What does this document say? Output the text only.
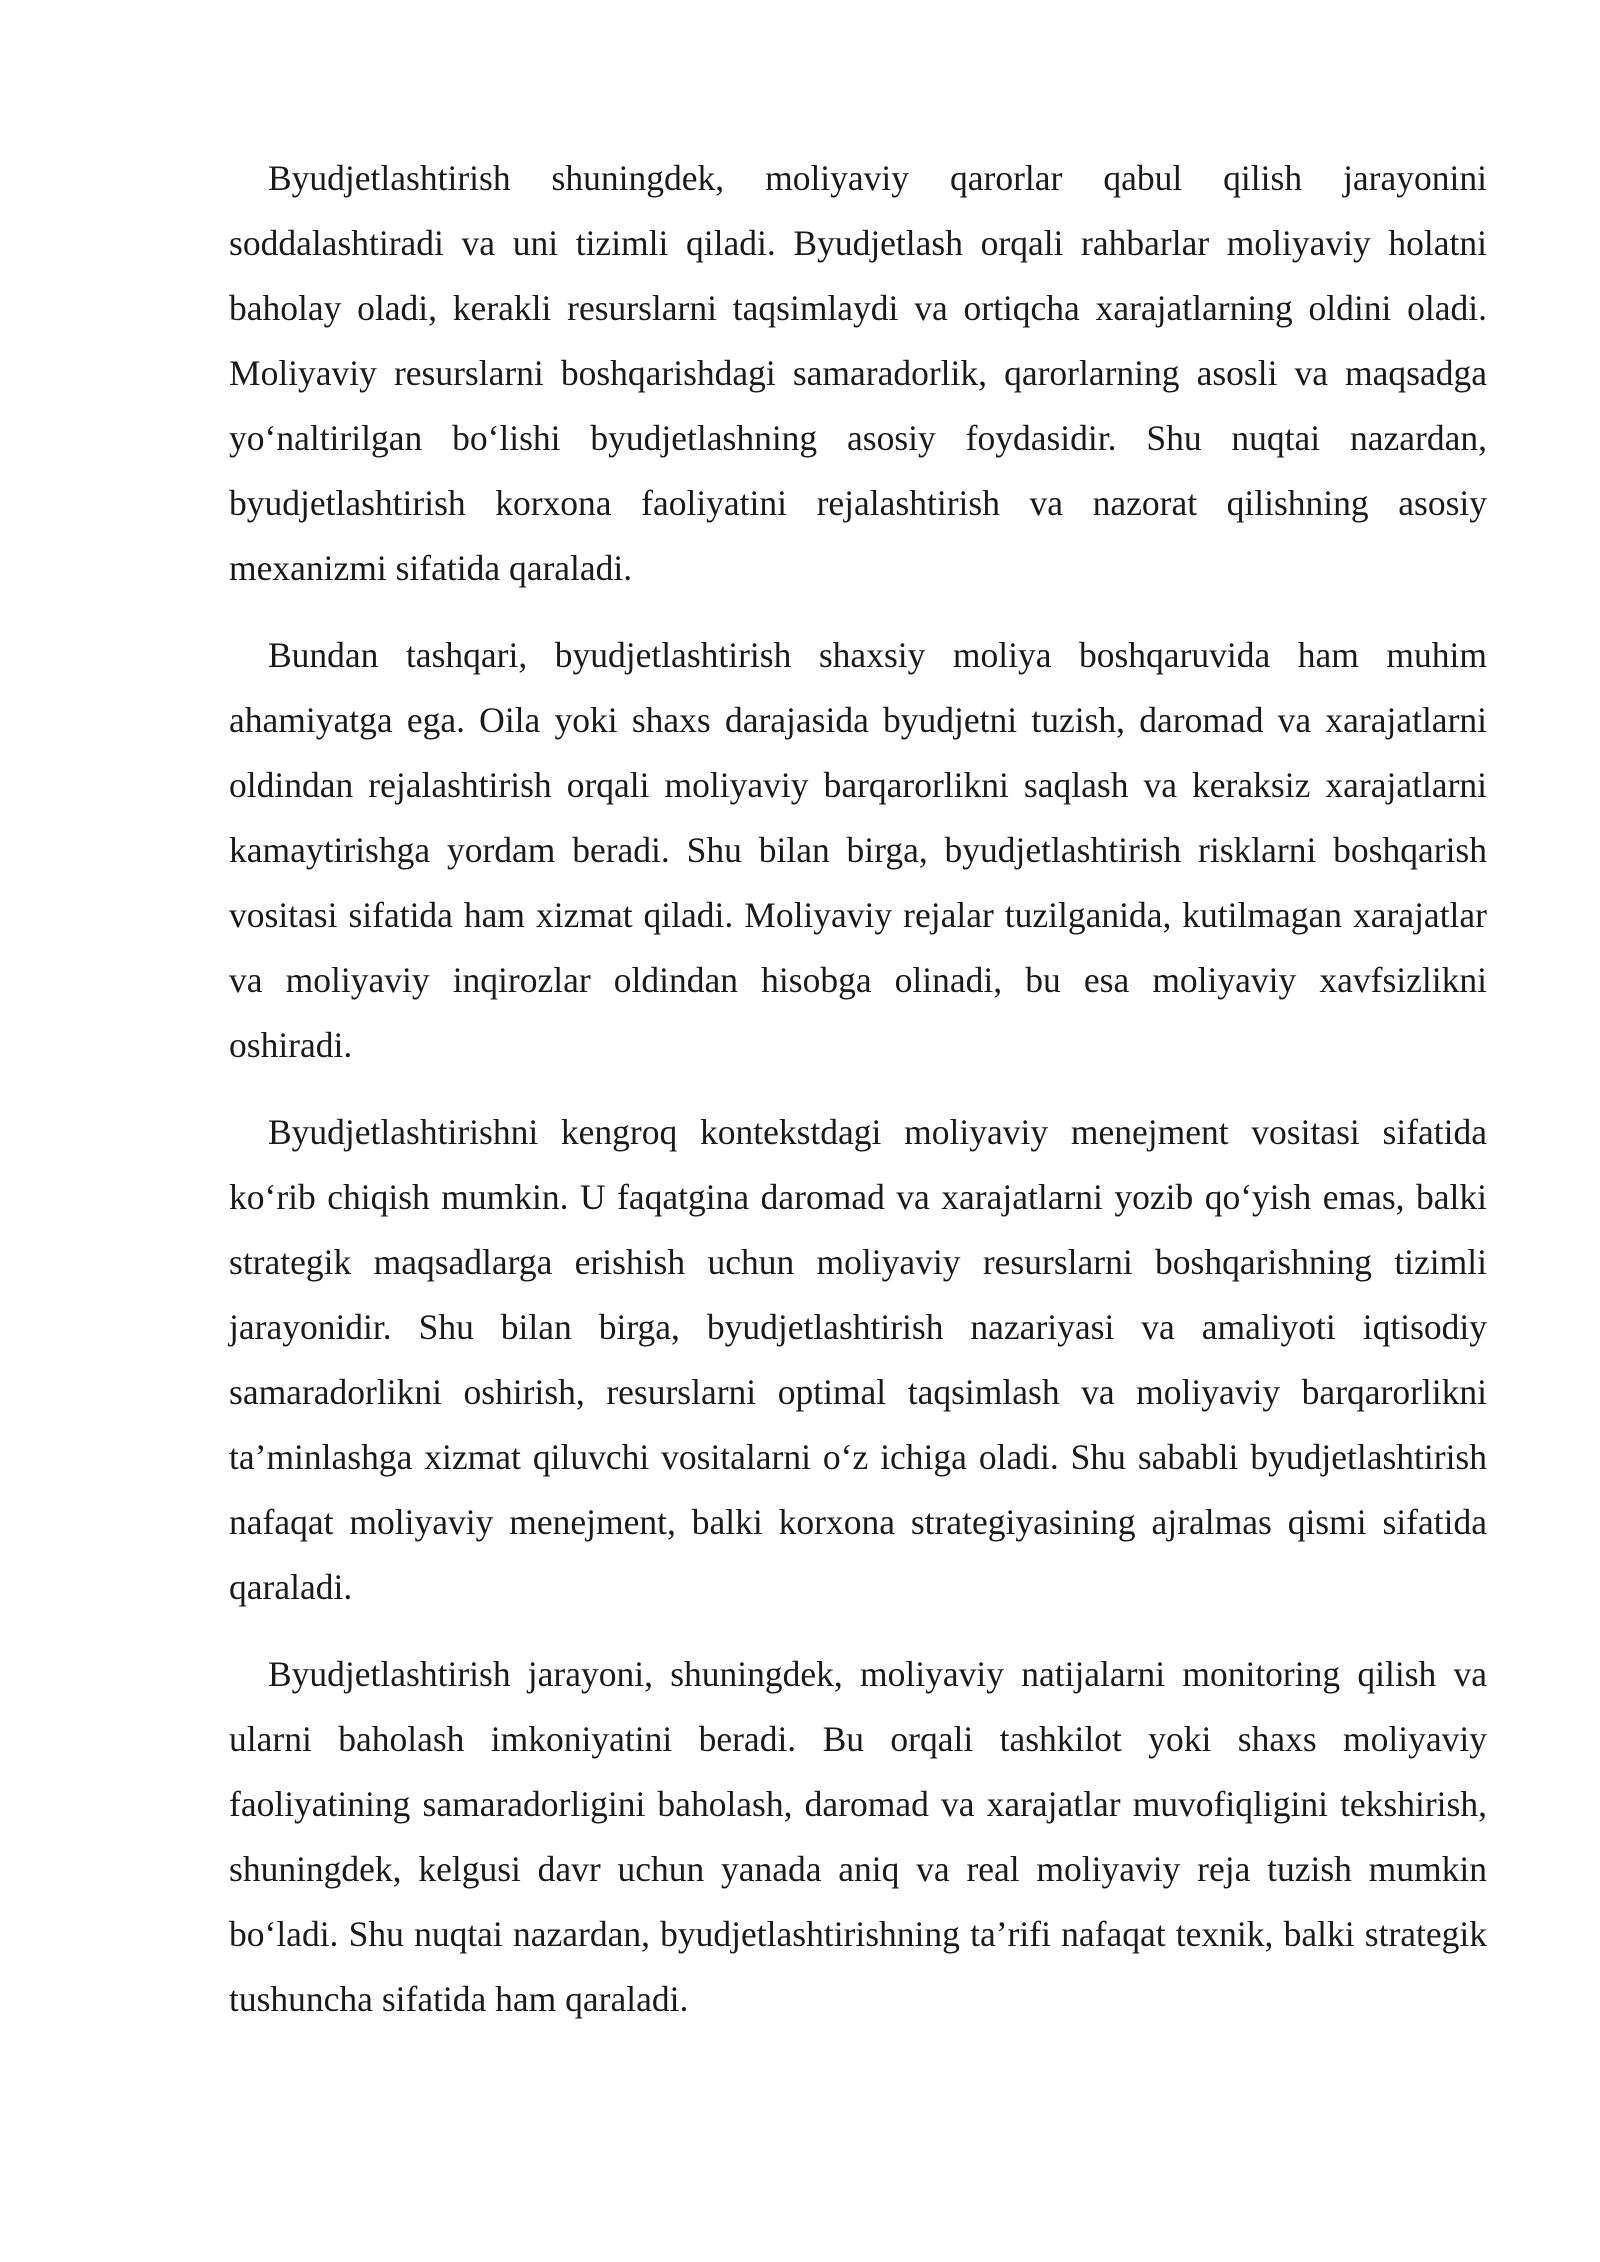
Byudjetlashtirish shuningdek, moliyaviy qarorlar qabul qilish jarayonini soddalashtiradi va uni tizimli qiladi. Byudjetlash orqali rahbarlar moliyaviy holatni baholay oladi, kerakli resurslarni taqsimlaydi va ortiqcha xarajatlarning oldini oladi. Moliyaviy resurslarni boshqarishdagi samaradorlik, qarorlarning asosli va maqsadga yo‘naltirilgan bo‘lishi byudjetlashning asosiy foydasidir. Shu nuqtai nazardan, byudjetlashtirish korxona faoliyatini rejalashtirish va nazorat qilishning asosiy mexanizmi sifatida qaraladi.

Bundan tashqari, byudjetlashtirish shaxsiy moliya boshqaruvida ham muhim ahamiyatga ega. Oila yoki shaxs darajasida byudjetni tuzish, daromad va xarajatlarni oldindan rejalashtirish orqali moliyaviy barqarorlikni saqlash va keraksiz xarajatlarni kamaytirishga yordam beradi. Shu bilan birga, byudjetlashtirish risklarni boshqarish vositasi sifatida ham xizmat qiladi. Moliyaviy rejalar tuzilganida, kutilmagan xarajatlar va moliyaviy inqirozlar oldindan hisobga olinadi, bu esa moliyaviy xavfsizlikni oshiradi.

Byudjetlashtirishni kengroq kontekstdagi moliyaviy menejment vositasi sifatida ko‘rib chiqish mumkin. U faqatgina daromad va xarajatlarni yozib qo‘yish emas, balki strategik maqsadlarga erishish uchun moliyaviy resurslarni boshqarishning tizimli jarayonidir. Shu bilan birga, byudjetlashtirish nazariyasi va amaliyoti iqtisodiy samaradorlikni oshirish, resurslarni optimal taqsimlash va moliyaviy barqarorlikni ta’minlashga xizmat qiluvchi vositalarni o‘z ichiga oladi. Shu sababli byudjetlashtirish nafaqat moliyaviy menejment, balki korxona strategiyasining ajralmas qismi sifatida qaraladi.

Byudjetlashtirish jarayoni, shuningdek, moliyaviy natijalarni monitoring qilish va ularni baholash imkoniyatini beradi. Bu orqali tashkilot yoki shaxs moliyaviy faoliyatining samaradorligini baholash, daromad va xarajatlar muvofiqligini tekshirish, shuningdek, kelgusi davr uchun yanada aniq va real moliyaviy reja tuzish mumkin bo‘ladi. Shu nuqtai nazardan, byudjetlashtirishning ta’rifi nafaqat texnik, balki strategik tushuncha sifatida ham qaraladi.
